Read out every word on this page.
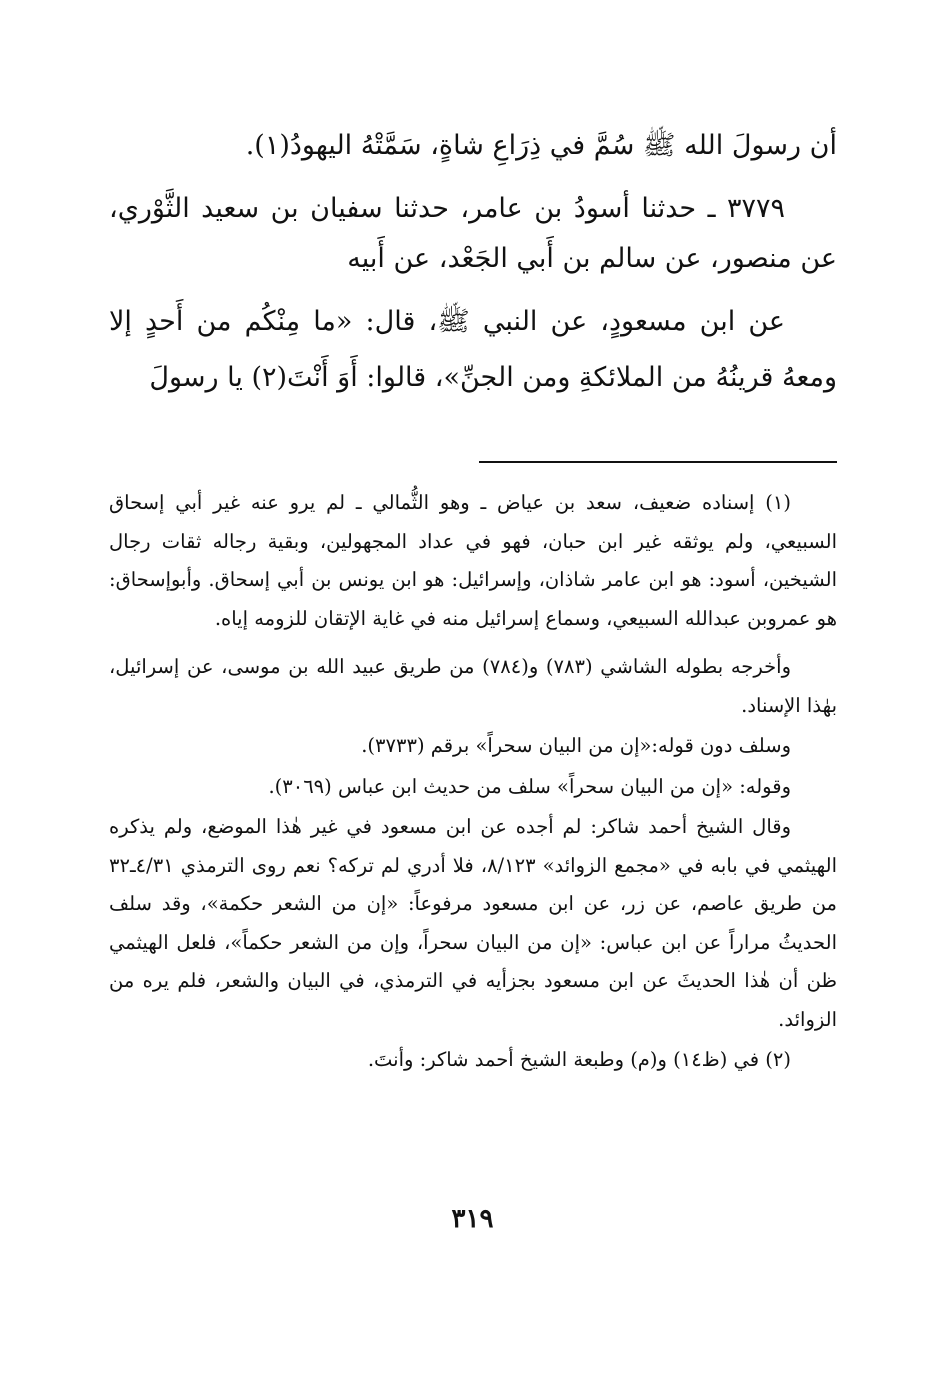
أن رسولَ الله ﷺ سُمَّ في ذِرَاعِ شاةٍ، سَمَّتْهُ اليهودُ(١).

٣٧٧٩ ـ حدثنا أسودُ بن عامر، حدثنا سفيان بن سعيد الثَّوْري، عن منصور، عن سالم بن أَبي الجَعْد، عن أَبيه

عن ابن مسعودٍ، عن النبي ﷺ، قال: «ما مِنْكُم من أَحدٍ إلا ومعهُ قرينُهُ من الملائكةِ ومن الجنِّ»، قالوا: أَوَ أَنْتَ(٢) يا رسولَ

(١) إسناده ضعيف، سعد بن عياض ـ وهو الثُّمالي ـ لم يرو عنه غير أبي إسحاق السبيعي، ولم يوثقه غير ابن حبان، فهو في عداد المجهولين، وبقية رجاله ثقات رجال الشيخين، أسود: هو ابن عامر شاذان، وإسرائيل: هو ابن يونس بن أبي إسحاق. وأبوإسحاق: هو عمروبن عبدالله السبيعي، وسماع إسرائيل منه في غاية الإتقان للزومه إياه.

وأخرجه بطوله الشاشي (٧٨٣) و(٧٨٤) من طريق عبيد الله بن موسى، عن إسرائيل، بهٰذا الإسناد.

وسلف دون قوله:«إن من البيان سحراً» برقم (٣٧٣٣).

وقوله: «إن من البيان سحراً» سلف من حديث ابن عباس (٣٠٦٩).

وقال الشيخ أحمد شاكر: لم أجده عن ابن مسعود في غير هٰذا الموضع، ولم يذكره الهيثمي في بابه في «مجمع الزوائد» ٨/١٢٣، فلا أدري لم تركه؟ نعم روى الترمذي ٤/٣١ـ٣٢ من طريق عاصم، عن زر، عن ابن مسعود مرفوعاً: «إن من الشعر حكمة»، وقد سلف الحديثُ مراراً عن ابن عباس: «إن من البيان سحراً، وإن من الشعر حكماً»، فلعل الهيثمي ظن أن هٰذا الحديثَ عن ابن مسعود بجزأيه في الترمذي، في البيان والشعر، فلم يره من الزوائد.

(٢) في (ظ١٤) و(م) وطبعة الشيخ أحمد شاكر: وأنتَ.

٣١٩
